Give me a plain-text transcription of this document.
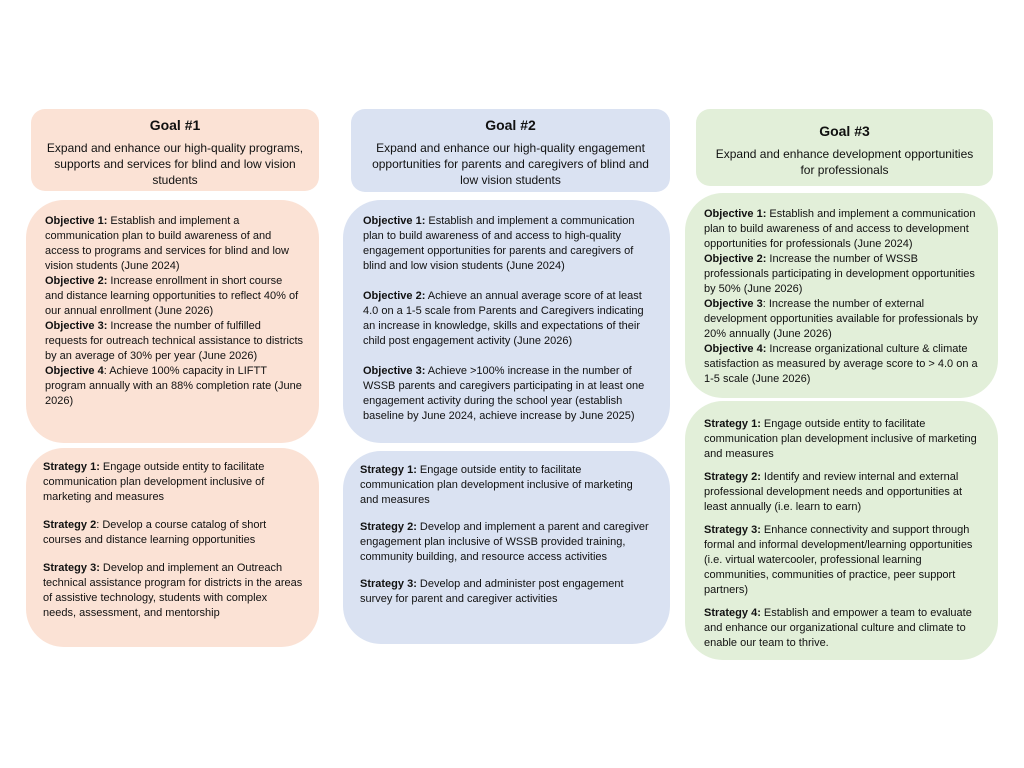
Goal #1
Expand and enhance our high-quality programs, supports and services for blind and low vision students
Objective 1: Establish and implement a communication plan to build awareness of and access to programs and services for blind and low vision students (June 2024)
Objective 2: Increase enrollment in short course and distance learning opportunities to reflect 40% of our annual enrollment (June 2026)
Objective 3: Increase the number of fulfilled requests for outreach technical assistance to districts by an average of 30% per year (June 2026)
Objective 4: Achieve 100% capacity in LIFTT program annually with an 88% completion rate (June 2026)
Strategy 1: Engage outside entity to facilitate communication plan development inclusive of marketing and measures
Strategy 2: Develop a course catalog of short courses and distance learning opportunities
Strategy 3: Develop and implement an Outreach technical assistance program for districts in the areas of assistive technology, students with complex needs, assessment, and mentorship
Goal #2
Expand and enhance our high-quality engagement opportunities for parents and caregivers of blind and low vision students
Objective 1: Establish and implement a communication plan to build awareness of and access to high-quality engagement opportunities for parents and caregivers of blind and low vision students (June 2024)
Objective 2: Achieve an annual average score of at least 4.0 on a 1-5 scale from Parents and Caregivers indicating an increase in knowledge, skills and expectations of their child post engagement activity (June 2026)
Objective 3: Achieve >100% increase in the number of WSSB parents and caregivers participating in at least one engagement activity during the school year (establish baseline by June 2024, achieve increase by June 2025)
Strategy 1: Engage outside entity to facilitate communication plan development inclusive of marketing and measures
Strategy 2: Develop and implement a parent and caregiver engagement plan inclusive of WSSB provided training, community building, and resource access activities
Strategy 3: Develop and administer post engagement survey for parent and caregiver activities
Goal #3
Expand and enhance development opportunities for professionals
Objective 1: Establish and implement a communication plan to build awareness of and access to development opportunities for professionals (June 2024)
Objective 2: Increase the number of WSSB professionals participating in development opportunities by 50% (June 2026)
Objective 3: Increase the number of external development opportunities available for professionals by 20% annually (June 2026)
Objective 4: Increase organizational culture & climate satisfaction as measured by average score to > 4.0 on a 1-5 scale (June 2026)
Strategy 1: Engage outside entity to facilitate communication plan development inclusive of marketing and measures
Strategy 2: Identify and review internal and external professional development needs and opportunities at least annually (i.e. learn to earn)
Strategy 3: Enhance connectivity and support through formal and informal development/learning opportunities (i.e. virtual watercooler, professional learning communities, communities of practice, peer support partners)
Strategy 4: Establish and empower a team to evaluate and enhance our organizational culture and climate to enable our team to thrive.
